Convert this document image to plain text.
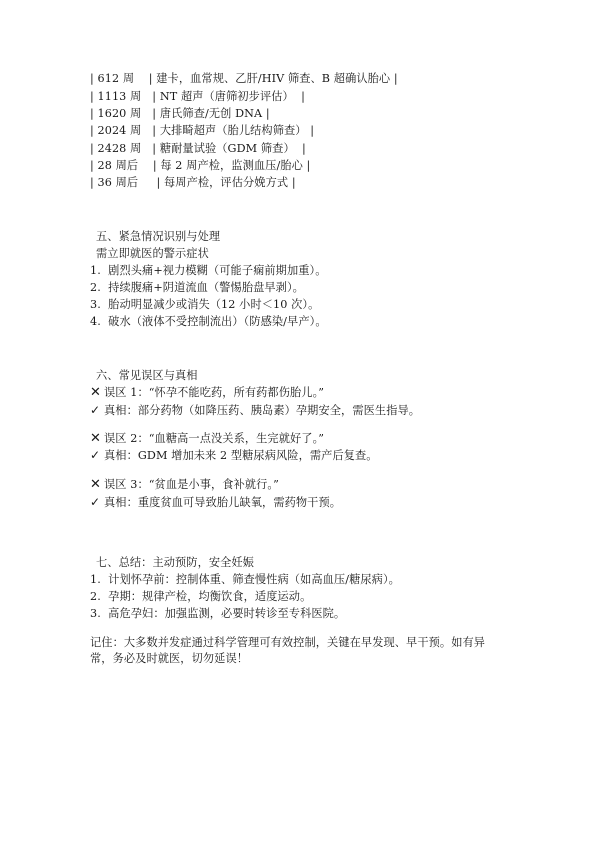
| 612 周    | 建卡，血常规、乙肝/HIV 筛查、B 超确认胎心 |
| 1113 周   | NT 超声（唐筛初步评估）  |
| 1620 周   | 唐氏筛查/无创 DNA |
| 2024 周   | 大排畸超声（胎儿结构筛查） |
| 2428 周   | 糖耐量试验（GDM 筛查）  |
| 28 周后    | 每 2 周产检，监测血压/胎心 |
| 36 周后     | 每周产检，评估分娩方式 |
五、紧急情况识别与处理
需立即就医的警示症状
1.  剧烈头痛+视力模糊（可能子痫前期加重）。
2.  持续腹痛+阴道流血（警惕胎盘早剥）。
3.  胎动明显减少或消失（12 小时＜10 次）。
4.  破水（液体不受控制流出）（防感染/早产）。
六、常见误区与真相
✕ 误区 1：“怀孕不能吃药，所有药都伤胎儿。”
✓ 真相：部分药物（如降压药、胰岛素）孕期安全，需医生指导。
✕ 误区 2：“血糖高一点没关系，生完就好了。”
✓ 真相：GDM 增加未来 2 型糖尿病风险，需产后复查。
✕ 误区 3：“贫血是小事，食补就行。”
✓ 真相：重度贫血可导致胎儿缺氧，需药物干预。
七、总结：主动预防，安全妊娠
1.  计划怀孕前：控制体重、筛查慢性病（如高血压/糖尿病）。
2.  孕期：规律产检，均衡饮食，适度运动。
3.  高危孕妇：加强监测，必要时转诊至专科医院。
记住：大多数并发症通过科学管理可有效控制，关键在早发现、早干预。如有异
常，务必及时就医，切勿延误！
